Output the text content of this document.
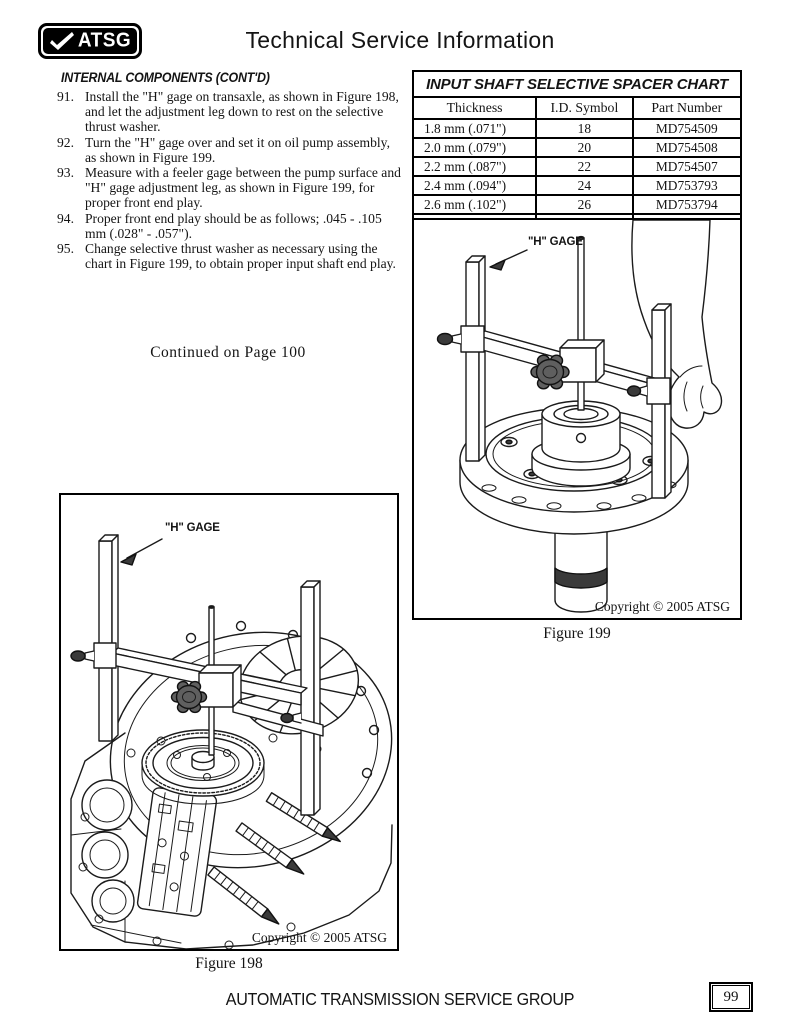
ATSG	Technical Service Information
INTERNAL COMPONENTS (CONT'D)
91. Install the "H" gage on transaxle, as shown in Figure 198, and let the adjustment leg down to rest on the selective thrust washer.
92. Turn the "H" gage over and set it on oil pump assembly, as shown in Figure 199.
93. Measure with a feeler gage between the pump surface and "H" gage adjustment leg, as shown in Figure 199, for proper front end play.
94. Proper front end play should be as follows; .045 - .105 mm (.028" - .057").
95. Change selective thrust washer as necessary using the chart in Figure 199, to obtain proper input shaft end play.
Continued on Page 100
INPUT SHAFT SELECTIVE SPACER CHART		
Thickness	I.D. Symbol	Part Number
1.8 mm (.071")	18	MD754509
2.0 mm (.079")	20	MD754508
2.2 mm (.087")	22	MD754507
2.4 mm (.094")	24	MD753793
2.6 mm (.102")	26	MD753794

"H" GAGE
Copyright © 2005 ATSG
Figure 199
"H" GAGE
Copyright © 2005 ATSG
Figure 198
AUTOMATIC TRANSMISSION SERVICE GROUP	99
